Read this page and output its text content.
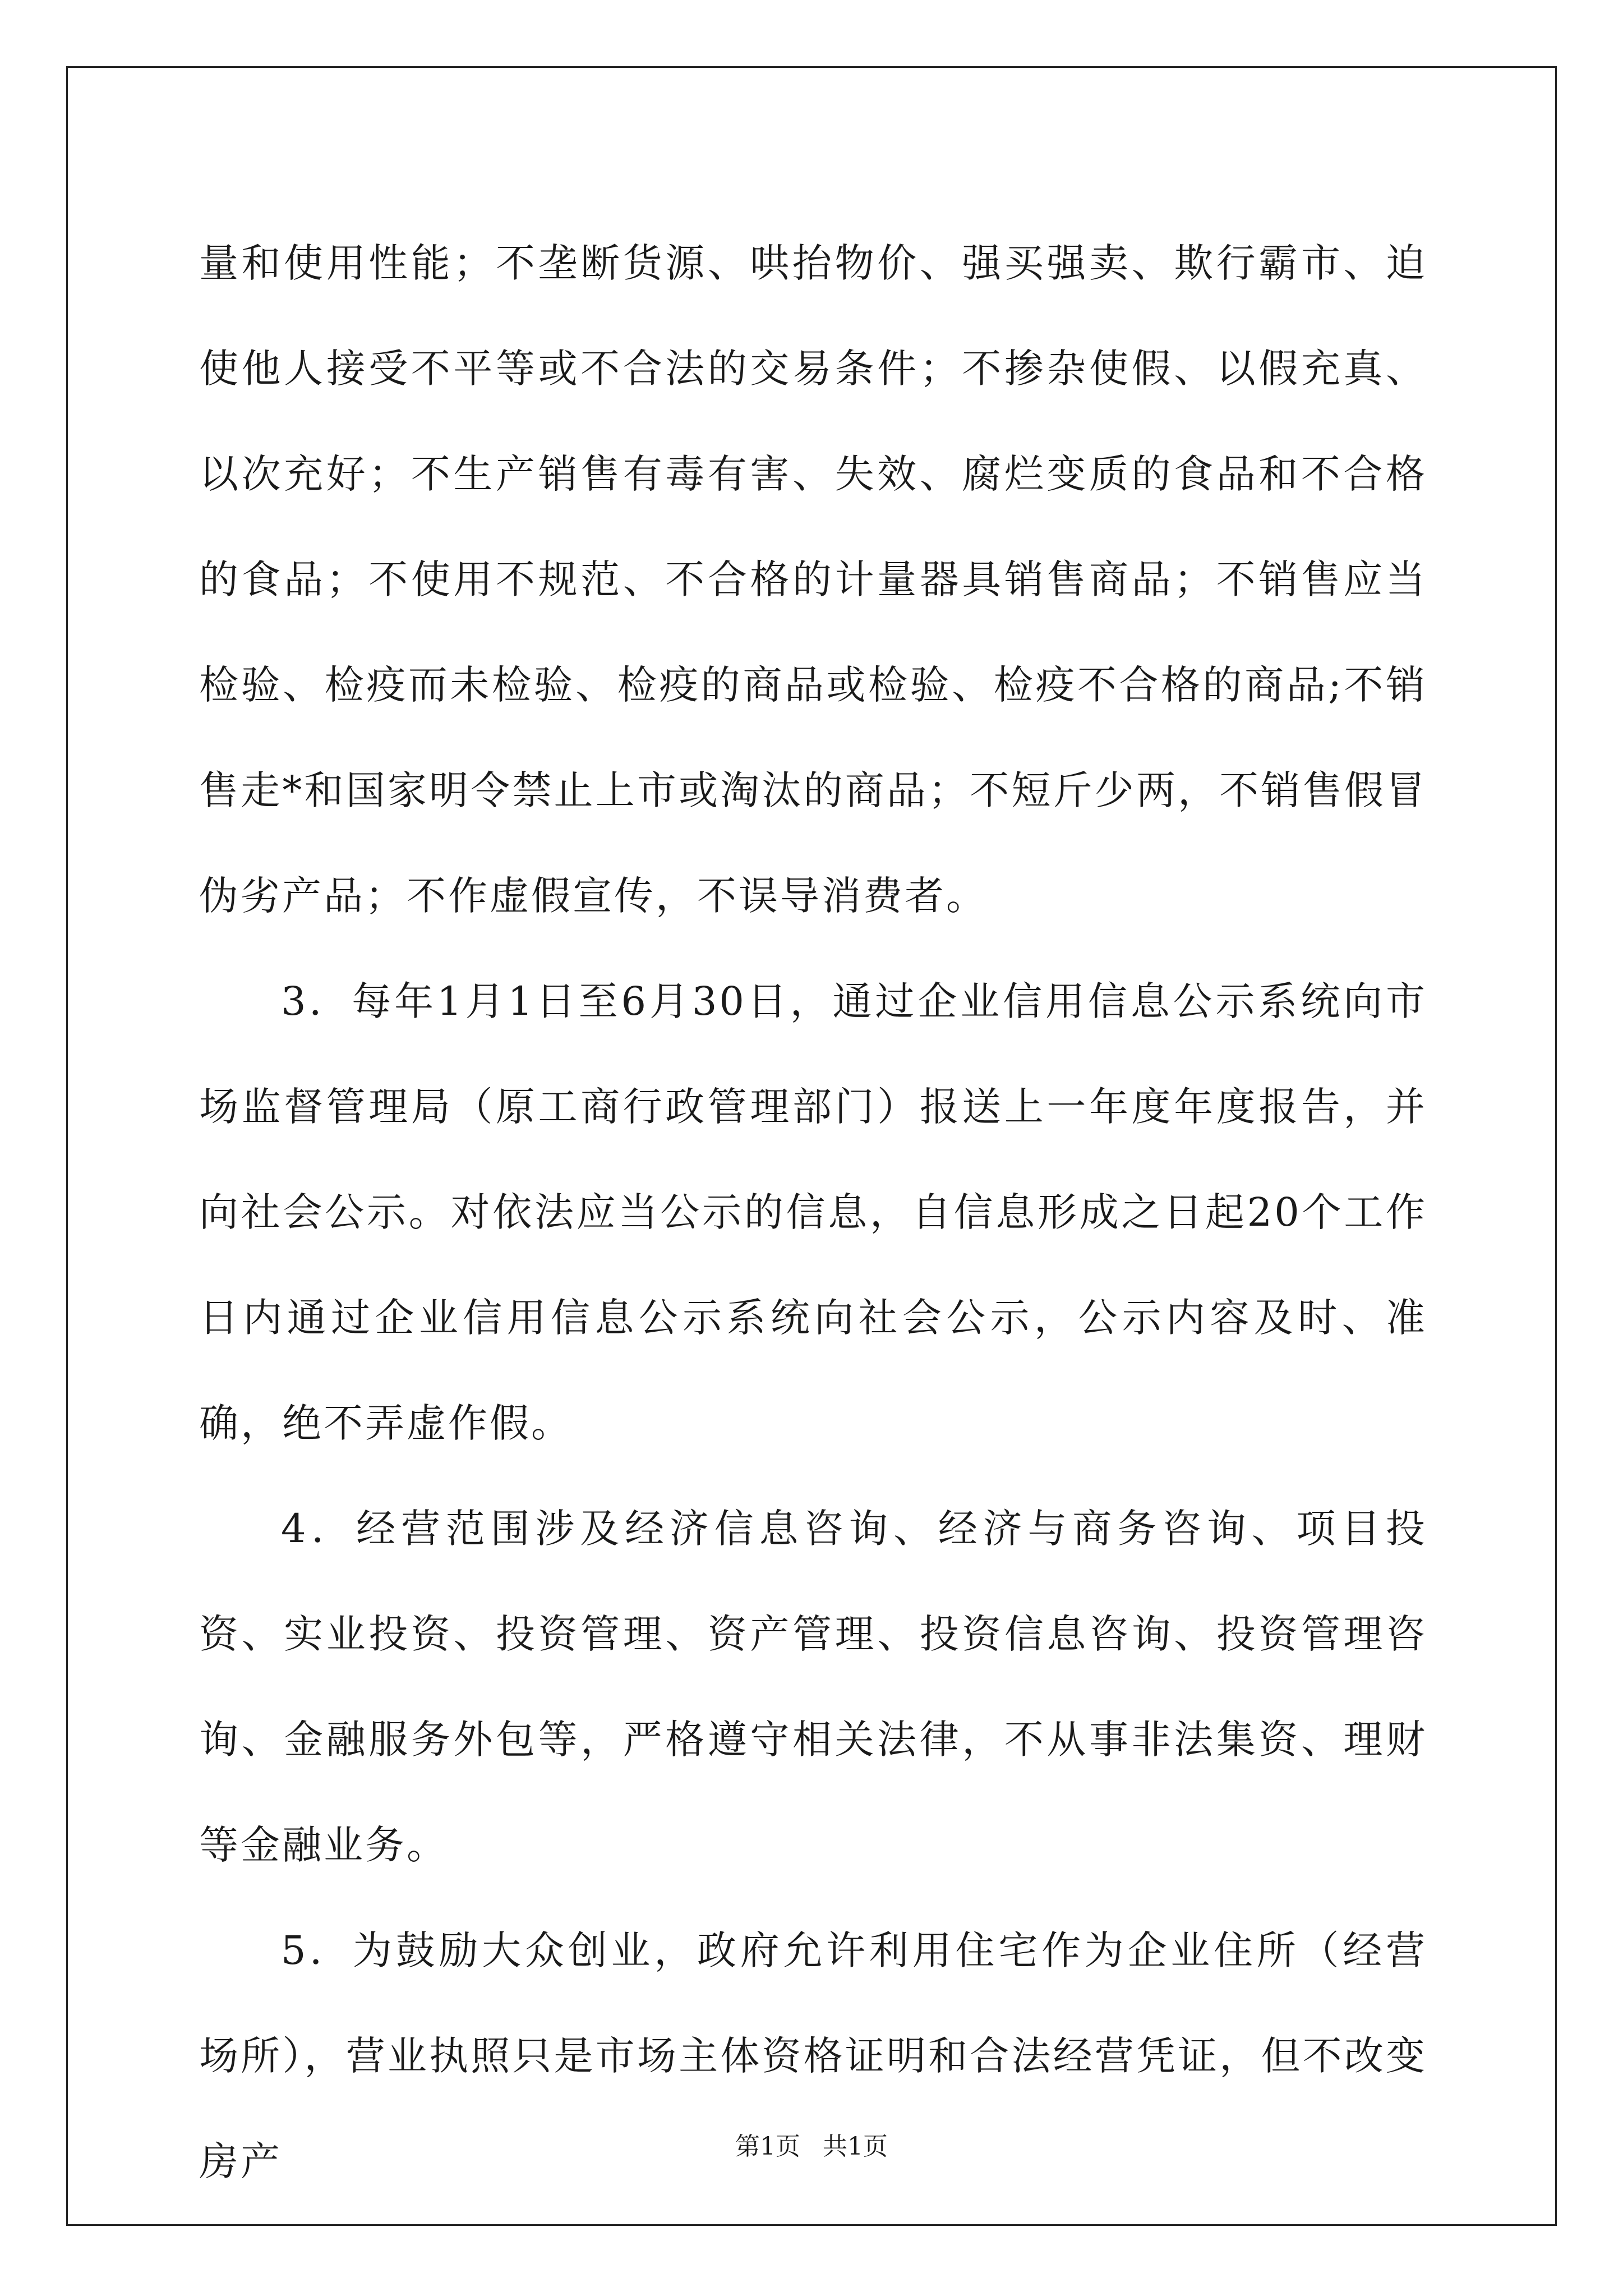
量和使用性能；不垄断货源、哄抬物价、强买强卖、欺行霸市、迫使他人接受不平等或不合法的交易条件；不掺杂使假、以假充真、以次充好；不生产销售有毒有害、失效、腐烂变质的食品和不合格的食品；不使用不规范、不合格的计量器具销售商品；不销售应当检验、检疫而未检验、检疫的商品或检验、检疫不合格的商品;不销售走*和国家明令禁止上市或淘汰的商品；不短斤少两，不销售假冒伪劣产品；不作虚假宣传，不误导消费者。

3．每年1月1日至6月30日，通过企业信用信息公示系统向市场监督管理局（原工商行政管理部门）报送上一年度年度报告，并向社会公示。对依法应当公示的信息，自信息形成之日起20个工作日内通过企业信用信息公示系统向社会公示，公示内容及时、准确，绝不弄虚作假。

4．经营范围涉及经济信息咨询、经济与商务咨询、项目投资、实业投资、投资管理、资产管理、投资信息咨询、投资管理咨询、金融服务外包等，严格遵守相关法律，不从事非法集资、理财等金融业务。

5．为鼓励大众创业，政府允许利用住宅作为企业住所（经营场所），营业执照只是市场主体资格证明和合法经营凭证，但不改变房产	第1页 共1页
